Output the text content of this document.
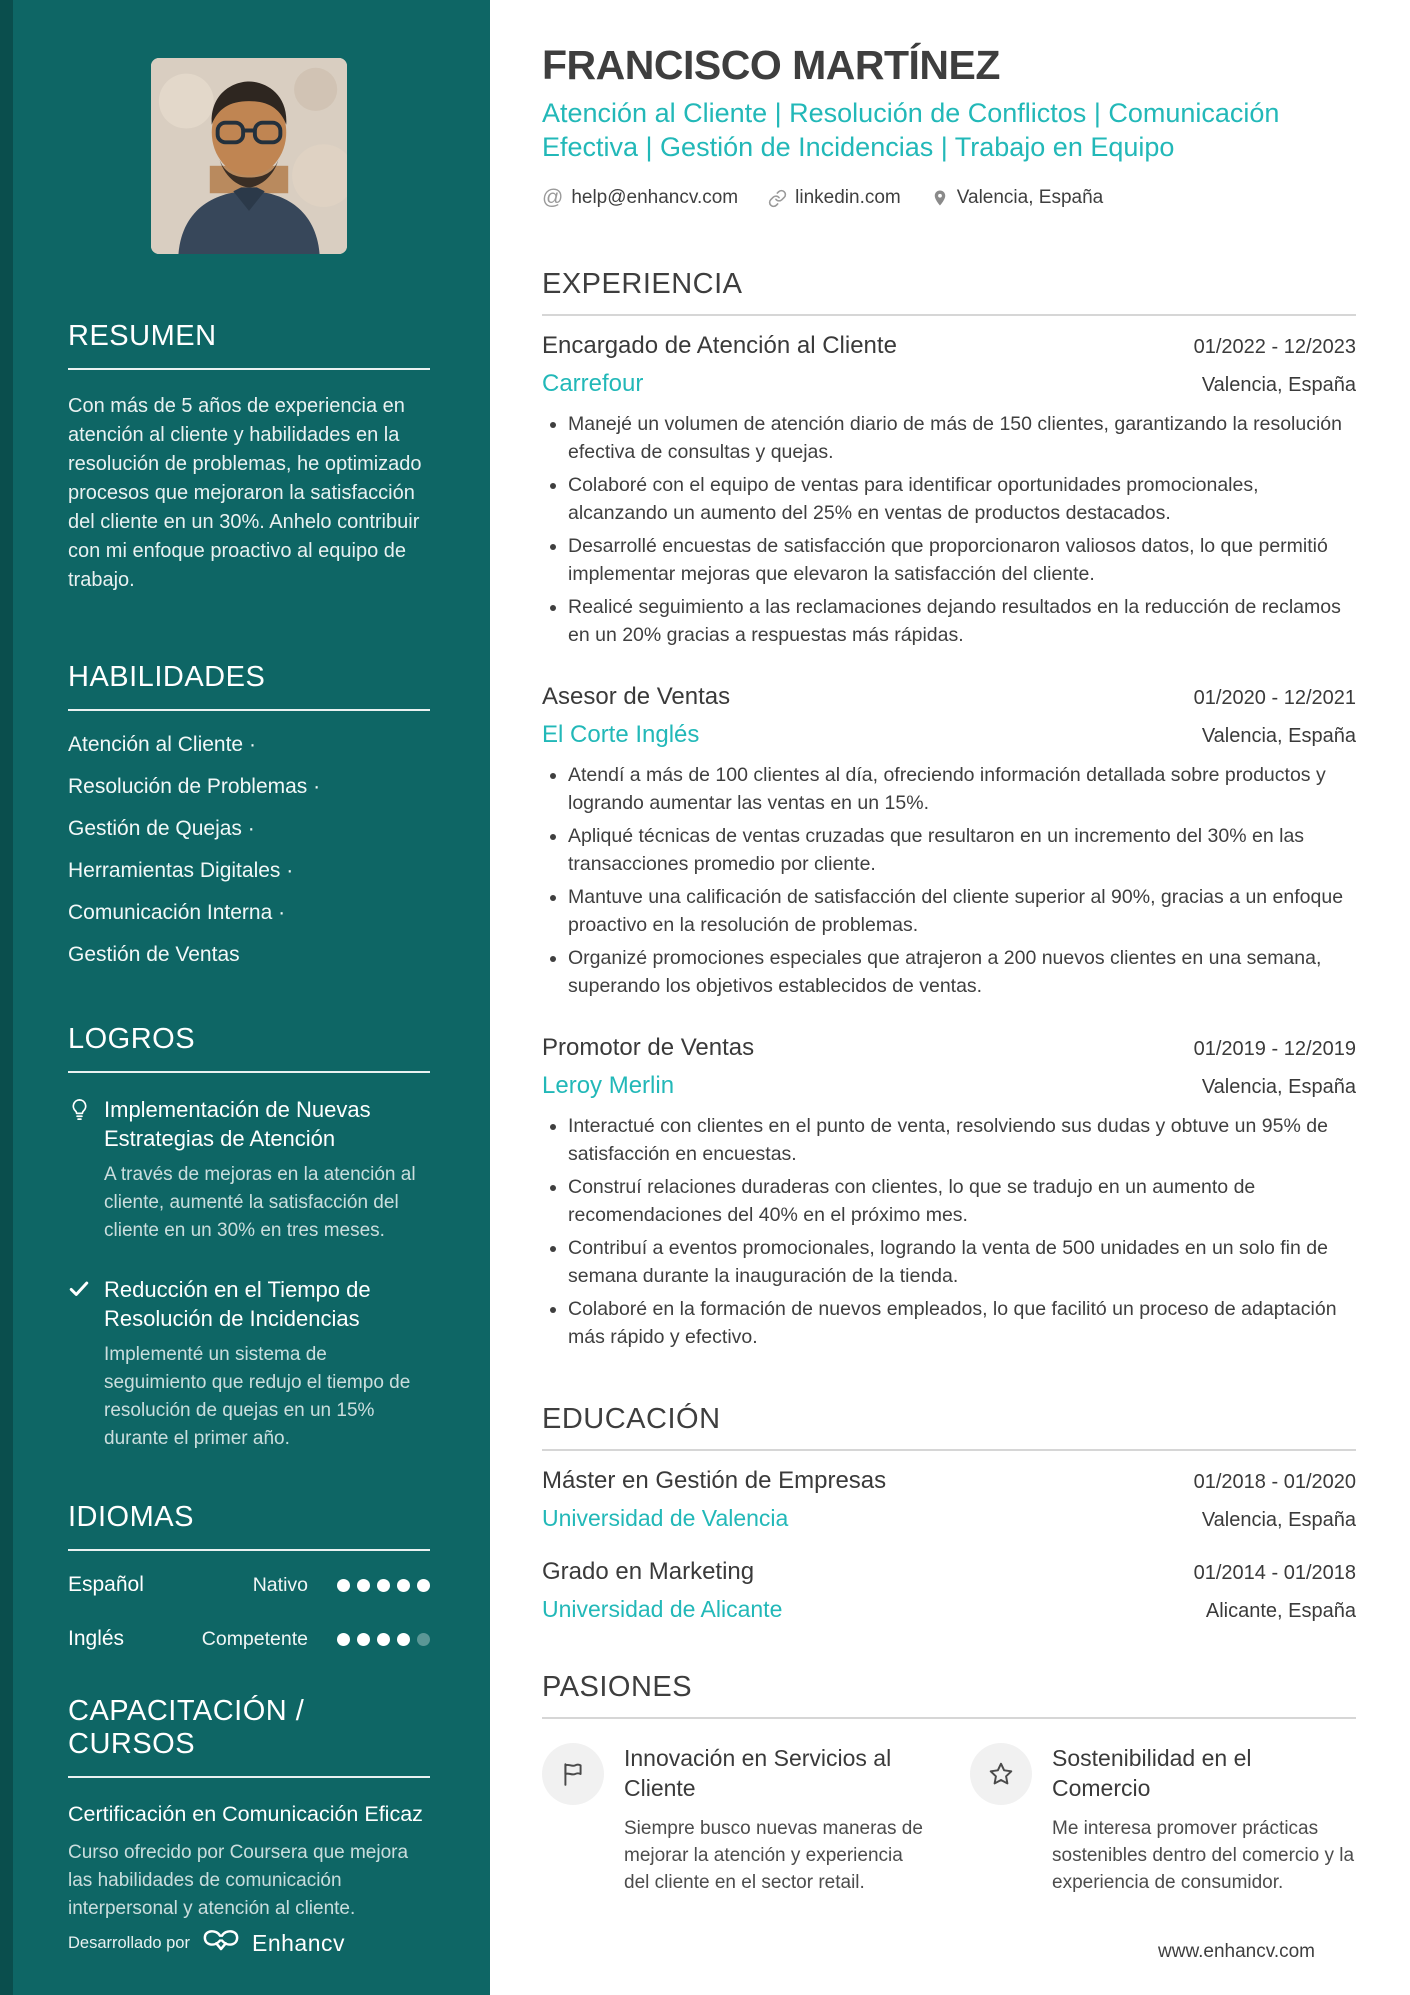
RESUMEN

Con más de 5 años de experiencia en atención al cliente y habilidades en la resolución de problemas, he optimizado procesos que mejoraron la satisfacción del cliente en un 30%. Anhelo contribuir con mi enfoque proactivo al equipo de trabajo.

HABILIDADES
Atención al Cliente ·
Resolución de Problemas ·
Gestión de Quejas ·
Herramientas Digitales ·
Comunicación Interna ·
Gestión de Ventas
LOGROS
Implementación de Nuevas Estrategias de Atención
A través de mejoras en la atención al cliente, aumenté la satisfacción del cliente en un 30% en tres meses.
Reducción en el Tiempo de Resolución de Incidencias
Implementé un sistema de seguimiento que redujo el tiempo de resolución de quejas en un 15% durante el primer año.
IDIOMAS
Español	Nativo
Inglés	Competente
CAPACITACIÓN / CURSOS
Certificación en Comunicación Eficaz
Curso ofrecido por Coursera que mejora las habilidades de comunicación interpersonal y atención al cliente.
Desarrollado por	Enhancv
FRANCISCO MARTÍNEZ
Atención al Cliente | Resolución de Conflictos | Comunicación Efectiva | Gestión de Incidencias | Trabajo en Equipo
@ help@enhancv.com	linkedin.com	Valencia, España
EXPERIENCIA
Encargado de Atención al Cliente	01/2022 - 12/2023
Carrefour	Valencia, España
• Manejé un volumen de atención diario de más de 150 clientes, garantizando la resolución efectiva de consultas y quejas.
• Colaboré con el equipo de ventas para identificar oportunidades promocionales, alcanzando un aumento del 25% en ventas de productos destacados.
• Desarrollé encuestas de satisfacción que proporcionaron valiosos datos, lo que permitió implementar mejoras que elevaron la satisfacción del cliente.
• Realicé seguimiento a las reclamaciones dejando resultados en la reducción de reclamos en un 20% gracias a respuestas más rápidas.
Asesor de Ventas	01/2020 - 12/2021
El Corte Inglés	Valencia, España
• Atendí a más de 100 clientes al día, ofreciendo información detallada sobre productos y logrando aumentar las ventas en un 15%.
• Apliqué técnicas de ventas cruzadas que resultaron en un incremento del 30% en las transacciones promedio por cliente.
• Mantuve una calificación de satisfacción del cliente superior al 90%, gracias a un enfoque proactivo en la resolución de problemas.
• Organizé promociones especiales que atrajeron a 200 nuevos clientes en una semana, superando los objetivos establecidos de ventas.
Promotor de Ventas	01/2019 - 12/2019
Leroy Merlin	Valencia, España
• Interactué con clientes en el punto de venta, resolviendo sus dudas y obtuve un 95% de satisfacción en encuestas.
• Construí relaciones duraderas con clientes, lo que se tradujo en un aumento de recomendaciones del 40% en el próximo mes.
• Contribuí a eventos promocionales, logrando la venta de 500 unidades en un solo fin de semana durante la inauguración de la tienda.
• Colaboré en la formación de nuevos empleados, lo que facilitó un proceso de adaptación más rápido y efectivo.
EDUCACIÓN
Máster en Gestión de Empresas	01/2018 - 01/2020
Universidad de Valencia	Valencia, España
Grado en Marketing	01/2014 - 01/2018
Universidad de Alicante	Alicante, España
PASIONES
Innovación en Servicios al Cliente
Siempre busco nuevas maneras de mejorar la atención y experiencia del cliente en el sector retail.
Sostenibilidad en el Comercio
Me interesa promover prácticas sostenibles dentro del comercio y la experiencia de consumidor.
www.enhancv.com
